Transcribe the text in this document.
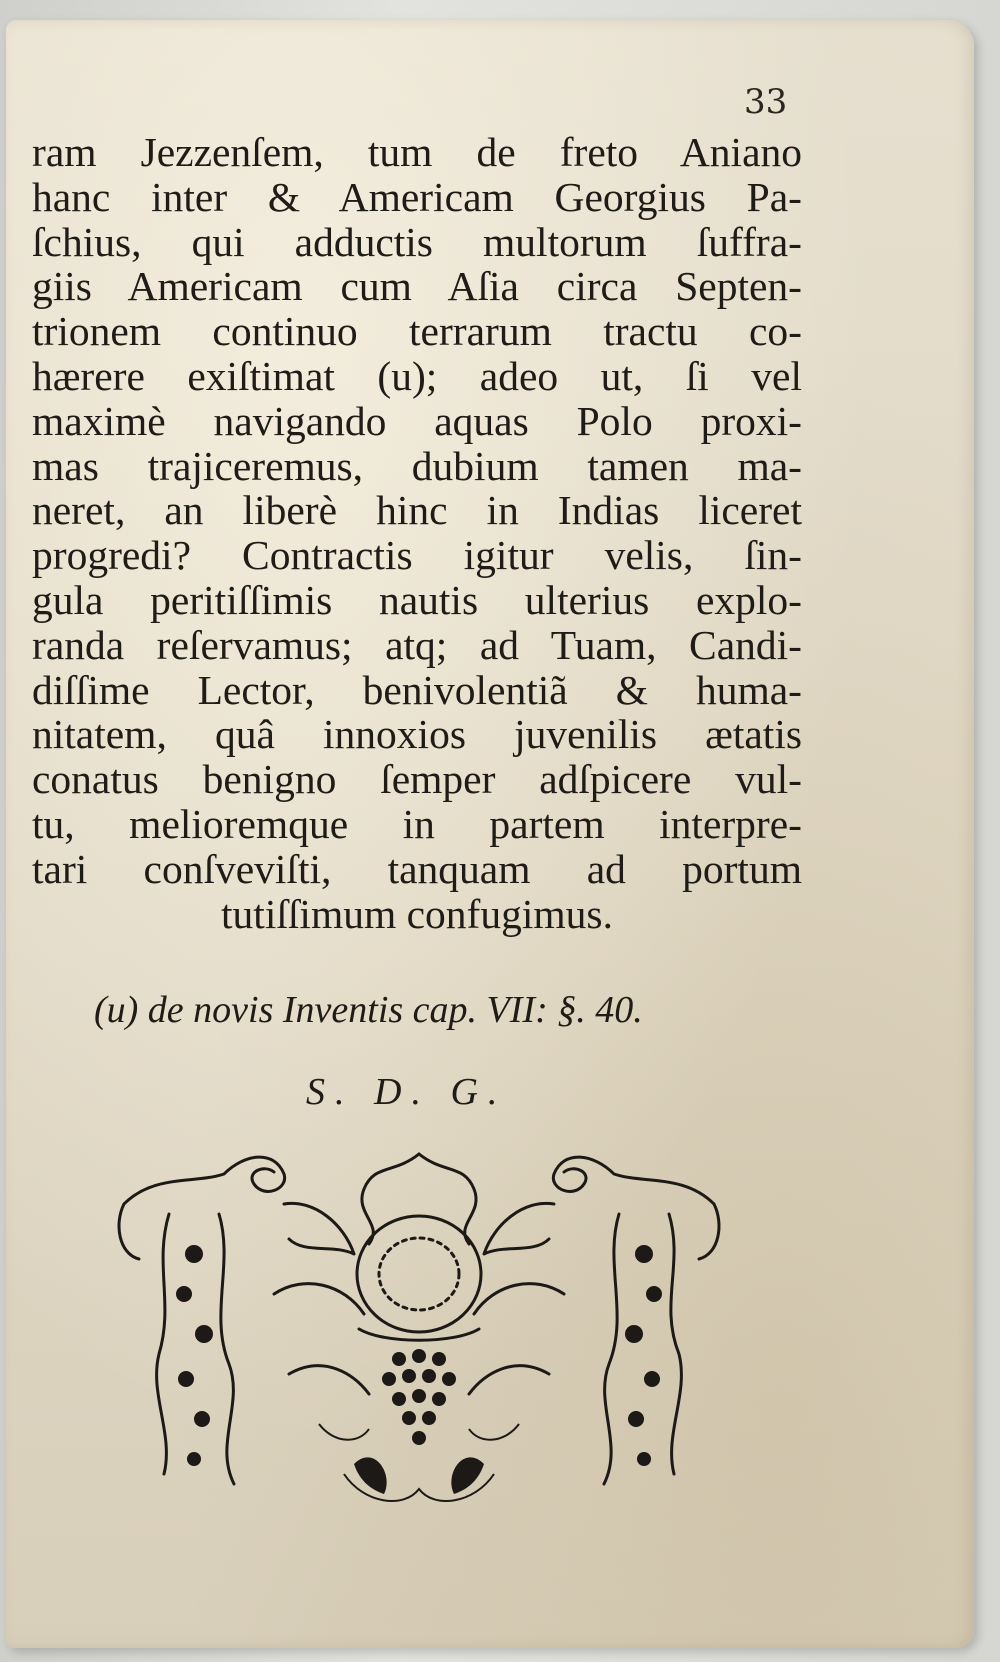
33

ram Jezzenſem, tum de freto Aniano
hanc inter & Americam Georgius Pa-
ſchius, qui adductis multorum ſuffra-
giis Americam cum Aſia circa Septen-
trionem continuo terrarum tractu co-
hærere exiſtimat (u); adeo ut, ſi vel
maximè navigando aquas Polo proxi-
mas trajiceremus, dubium tamen ma-
neret, an liberè hinc in Indias liceret
progredi? Contractis igitur velis, ſin-
gula peritiſſimis nautis ulterius explo-
randa reſervamus; atq; ad Tuam, Candi-
diſſime Lector, benivolentiã & huma-
nitatem, quâ innoxios juvenilis ætatis
conatus benigno ſemper adſpicere vul-
tu, melioremque in partem interpre-
tari conſveviſti, tanquam ad portum
tutiſſimum confugimus.

(u) de novis Inventis cap. VII: §. 40.
S. D. G.
